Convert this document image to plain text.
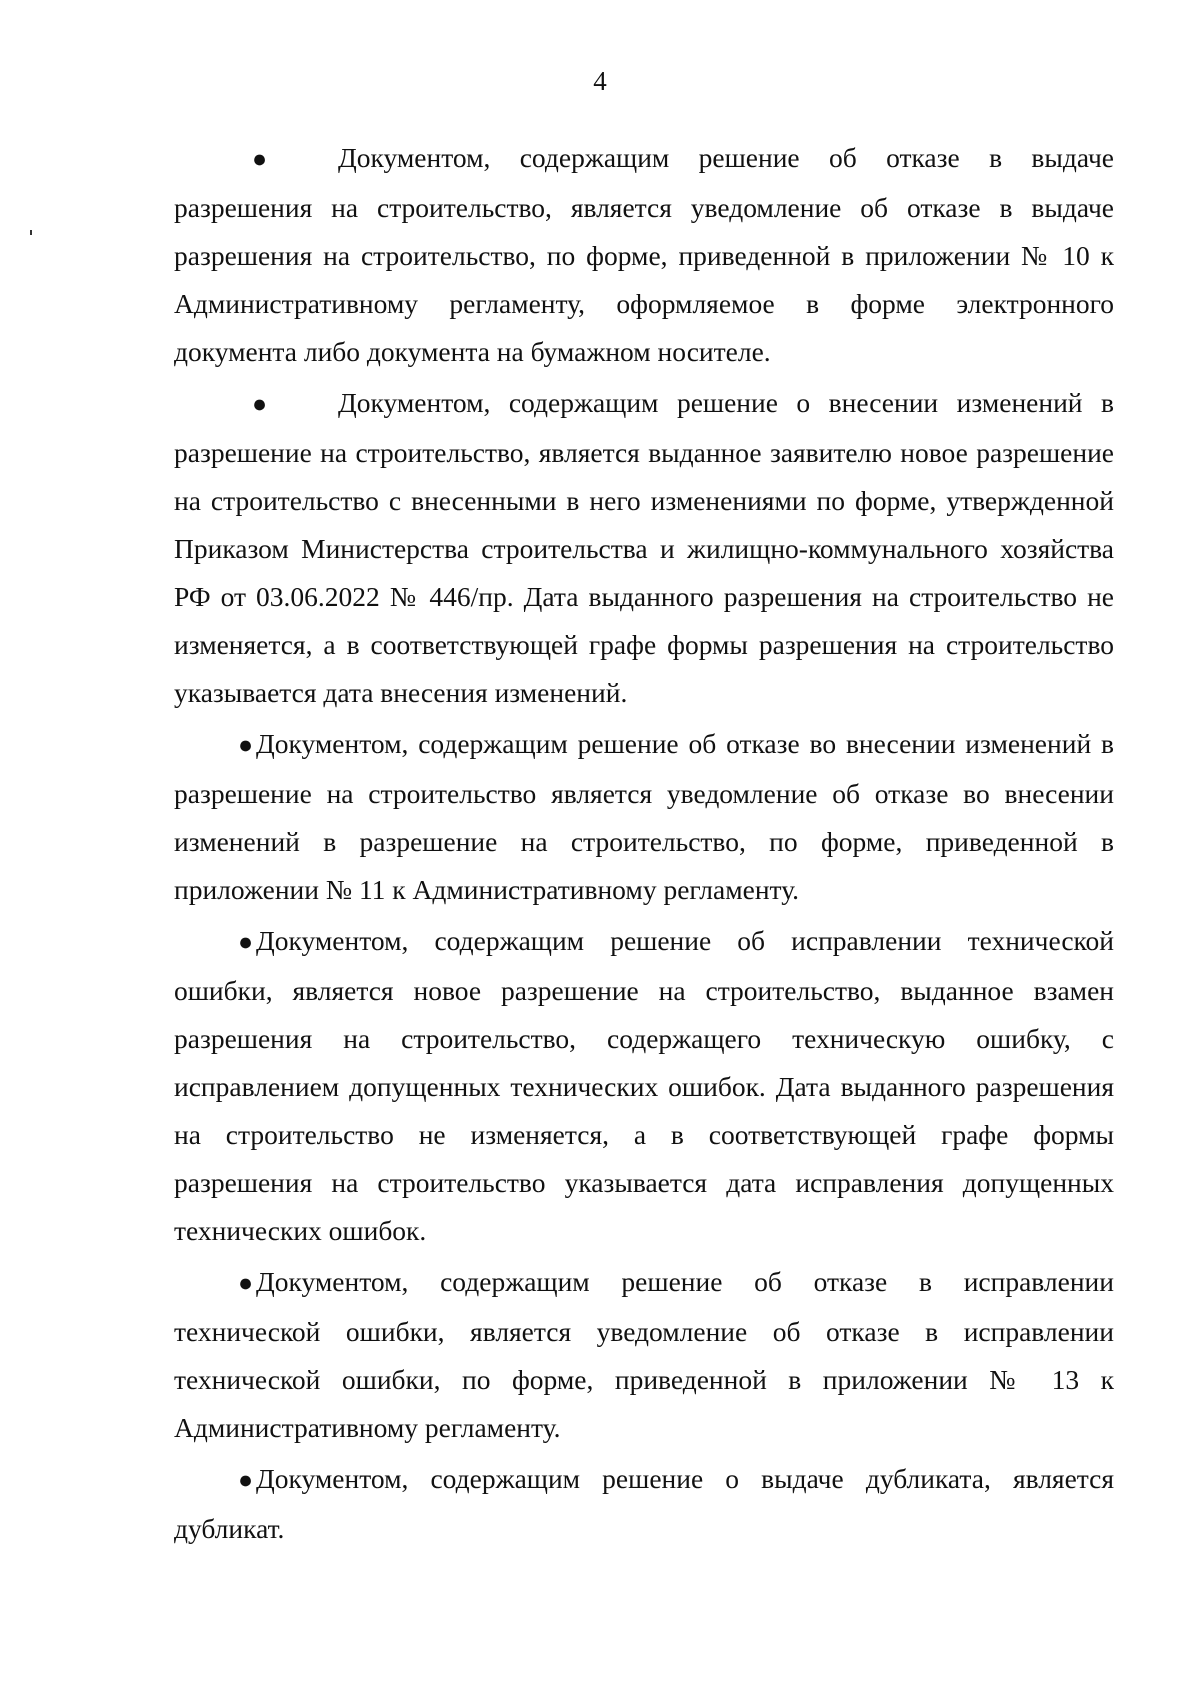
4

●	Документом, содержащим решение об отказе в выдаче разрешения на строительство, является уведомление об отказе в выдаче разрешения на строительство, по форме, приведенной в приложении № 10 к Административному регламенту, оформляемое в форме электронного документа либо документа на бумажном носителе.

●	Документом, содержащим решение о внесении изменений в разрешение на строительство, является выданное заявителю новое разрешение на строительство с внесенными в него изменениями по форме, утвержденной Приказом Министерства строительства и жилищно-коммунального хозяйства РФ от 03.06.2022 № 446/пр. Дата выданного разрешения на строительство не изменяется, а в соответствующей графе формы разрешения на строительство указывается дата внесения изменений.

● Документом, содержащим решение об отказе во внесении изменений в разрешение на строительство является уведомление об отказе во внесении изменений в разрешение на строительство, по форме, приведенной в приложении № 11 к Административному регламенту.

● Документом, содержащим решение об исправлении технической ошибки, является новое разрешение на строительство, выданное взамен разрешения на строительство, содержащего техническую ошибку, с исправлением допущенных технических ошибок. Дата выданного разрешения на строительство не изменяется, а в соответствующей графе формы разрешения на строительство указывается дата исправления допущенных технических ошибок.

● Документом, содержащим решение об отказе в исправлении технической ошибки, является уведомление об отказе в исправлении технической ошибки, по форме, приведенной в приложении № 13 к Административному регламенту.

● Документом, содержащим решение о выдаче дубликата, является дубликат.
